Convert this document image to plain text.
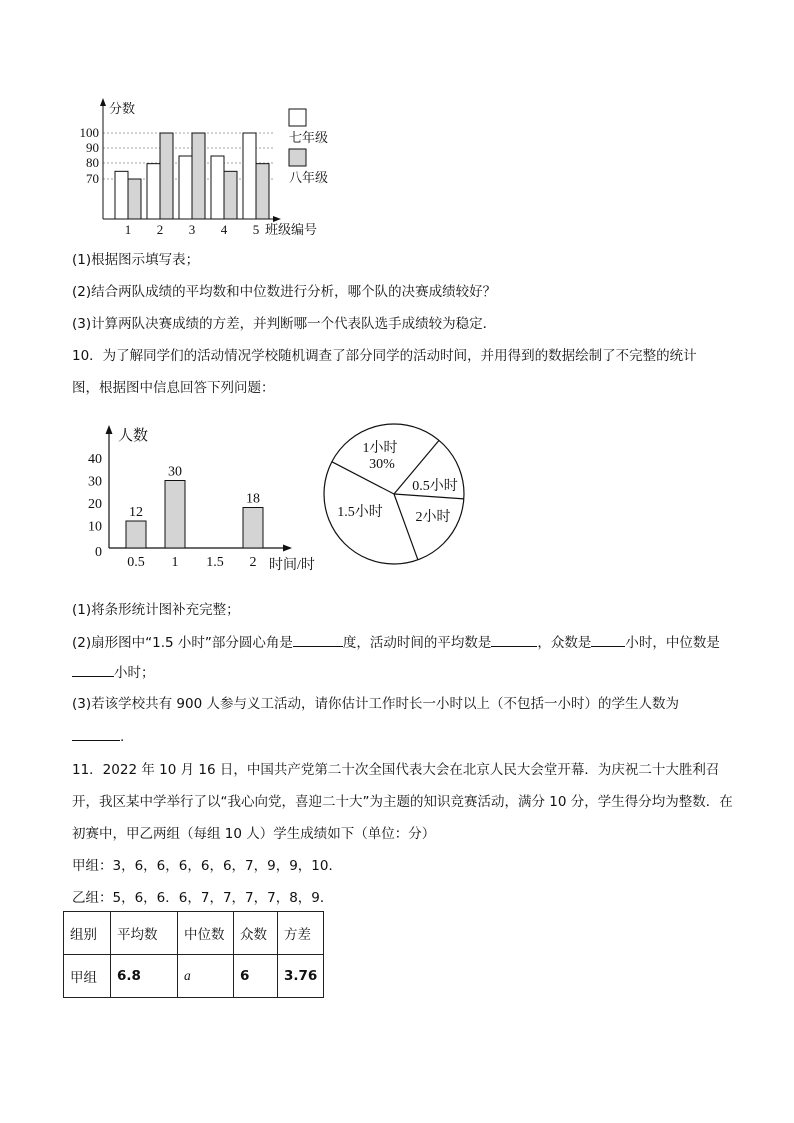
分数
班级编号
100
90
80
70
1 2 3 4 5
七年级
八年级
(1)根据图示填写表；
(2)结合两队成绩的平均数和中位数进行分析，哪个队的决赛成绩较好？
(3)计算两队决赛成绩的方差，并判断哪一个代表队选手成绩较为稳定．
10．为了解同学们的活动情况学校随机调查了部分同学的活动时间，并用得到的数据绘制了不完整的统计
图，根据图中信息回答下列问题：
人数
时间/时
40
30
20
10
0
12
30
18
0.5 1 1.5 2
1小时
30%
0.5小时
2小时
1.5小时
(1)将条形统计图补充完整；
(2)扇形图中“1.5 小时”部分圆心角是	度，活动时间的平均数是	，众数是	小时，中位数是
小时；
(3)若该学校共有 900 人参与义工活动，请你估计工作时长一小时以上（不包括一小时）的学生人数为
.
11．2022 年 10 月 16 日，中国共产党第二十次全国代表大会在北京人民大会堂开幕．为庆祝二十大胜利召
开，我区某中学举行了以“我心向党，喜迎二十大”为主题的知识竞赛活动，满分 10 分，学生得分均为整数．在
初赛中，甲乙两组（每组 10 人）学生成绩如下（单位：分）
甲组：3，6，6，6，6，6，7，9，9，10．
乙组：5，6，6．6，7，7，7，7，8，9．
组别	平均数	中位数	众数	方差
甲组	6.8	a	6	3.76
